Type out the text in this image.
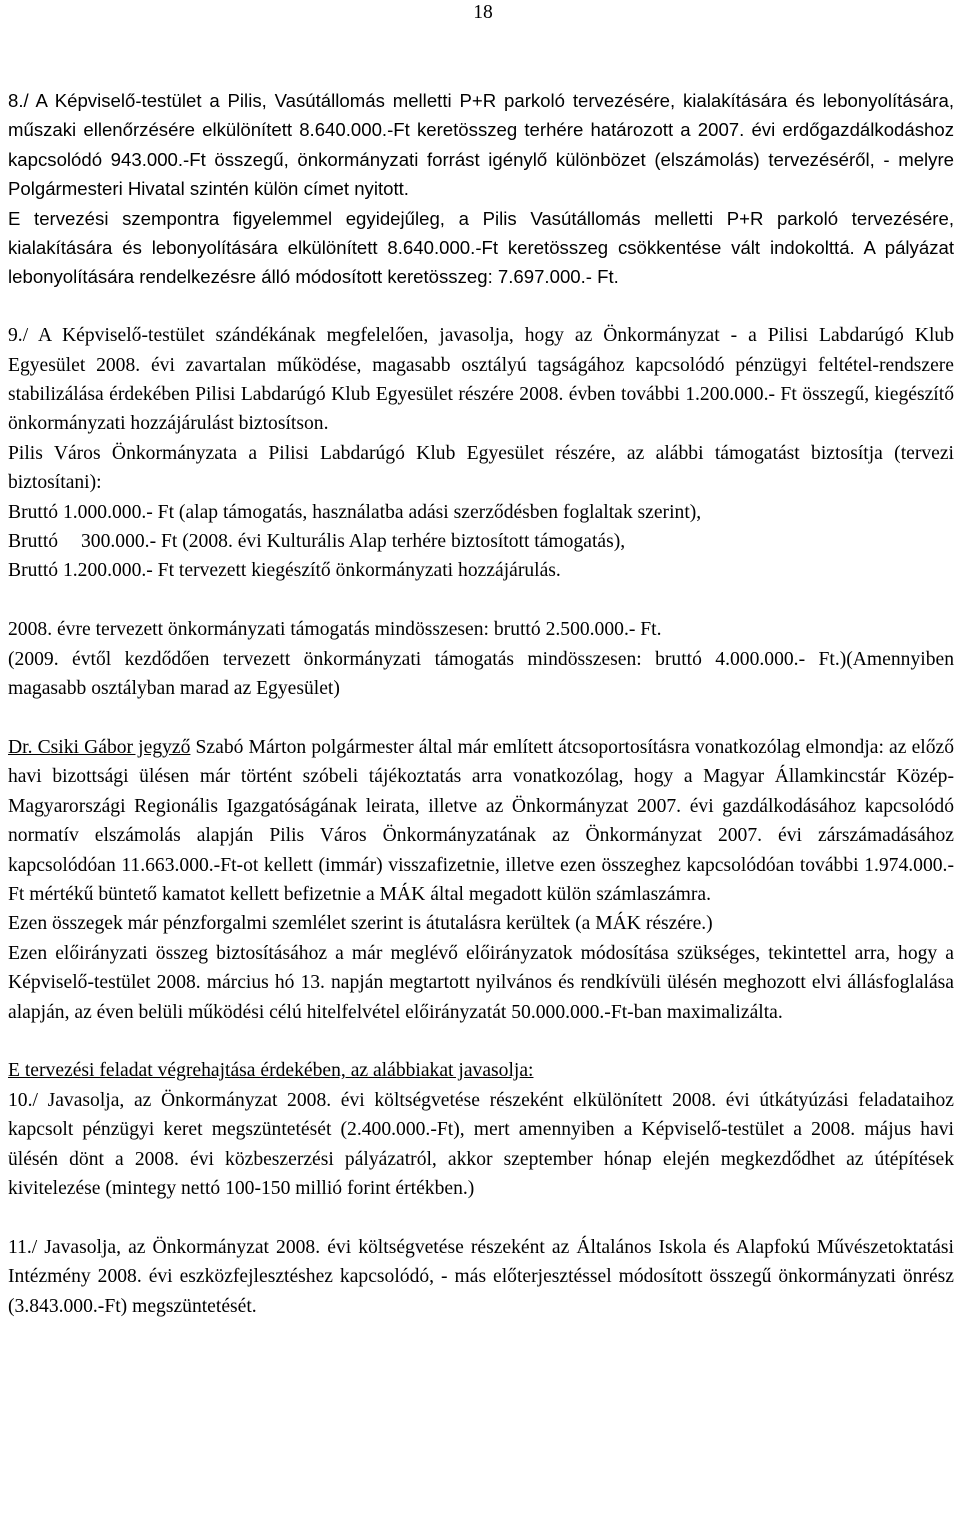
18

8./ A Képviselő-testület a Pilis, Vasútállomás melletti P+R parkoló tervezésére, kialakítására és lebonyolítására, műszaki ellenőrzésére elkülönített 8.640.000.-Ft keretösszeg terhére határozott a 2007. évi erdőgazdálkodáshoz kapcsolódó 943.000.-Ft összegű, önkormányzati forrást igénylő különbözet (elszámolás) tervezéséről, - melyre Polgármesteri Hivatal szintén külön címet nyitott.

E tervezési szempontra figyelemmel egyidejűleg, a Pilis Vasútállomás melletti P+R parkoló tervezésére, kialakítására és lebonyolítására elkülönített 8.640.000.-Ft keretösszeg csökkentése vált indokolttá. A pályázat lebonyolítására rendelkezésre álló módosított keretösszeg: 7.697.000.- Ft.

9./ A Képviselő-testület szándékának megfelelően, javasolja, hogy az Önkormányzat - a Pilisi Labdarúgó Klub Egyesület 2008. évi zavartalan működése, magasabb osztályú tagságához kapcsolódó pénzügyi feltétel-rendszere stabilizálása érdekében Pilisi Labdarúgó Klub Egyesület részére 2008. évben további 1.200.000.- Ft összegű, kiegészítő önkormányzati hozzájárulást biztosítson.

Pilis Város Önkormányzata a Pilisi Labdarúgó Klub Egyesület részére, az alábbi támogatást biztosítja (tervezi biztosítani):

Bruttó 1.000.000.- Ft (alap támogatás, használatba adási szerződésben foglaltak szerint),

Bruttó 300.000.- Ft (2008. évi Kulturális Alap terhére biztosított támogatás),

Bruttó 1.200.000.- Ft tervezett kiegészítő önkormányzati hozzájárulás.

2008. évre tervezett önkormányzati támogatás mindösszesen: bruttó 2.500.000.- Ft.

(2009. évtől kezdődően tervezett önkormányzati támogatás mindösszesen: bruttó 4.000.000.- Ft.)(Amennyiben magasabb osztályban marad az Egyesület)

Dr. Csiki Gábor jegyző Szabó Márton polgármester által már említett átcsoportosításra vonatkozólag elmondja: az előző havi bizottsági ülésen már történt szóbeli tájékoztatás arra vonatkozólag, hogy a Magyar Államkincstár Közép-Magyarországi Regionális Igazgatóságának leirata, illetve az Önkormányzat 2007. évi gazdálkodásához kapcsolódó normatív elszámolás alapján Pilis Város Önkormányzatának az Önkormányzat 2007. évi zárszámadásához kapcsolódóan 11.663.000.-Ft-ot kellett (immár) visszafizetnie, illetve ezen összeghez kapcsolódóan további 1.974.000.-Ft mértékű büntető kamatot kellett befizetnie a MÁK által megadott külön számlaszámra.

Ezen összegek már pénzforgalmi szemlélet szerint is átutalásra kerültek (a MÁK részére.)

Ezen előirányzati összeg biztosításához a már meglévő előirányzatok módosítása szükséges, tekintettel arra, hogy a Képviselő-testület 2008. március hó 13. napján megtartott nyilvános és rendkívüli ülésén meghozott elvi állásfoglalása alapján, az éven belüli működési célú hitelfelvétel előirányzatát 50.000.000.-Ft-ban maximalizálta.

E tervezési feladat végrehajtása érdekében, az alábbiakat javasolja:

10./ Javasolja, az Önkormányzat 2008. évi költségvetése részeként elkülönített 2008. évi útkátyúzási feladataihoz kapcsolt pénzügyi keret megszüntetését (2.400.000.-Ft), mert amennyiben a Képviselő-testület a 2008. május havi ülésén dönt a 2008. évi közbeszerzési pályázatról, akkor szeptember hónap elején megkezdődhet az útépítések kivitelezése (mintegy nettó 100-150 millió forint értékben.)

11./ Javasolja, az Önkormányzat 2008. évi költségvetése részeként az Általános Iskola és Alapfokú Művészetoktatási Intézmény 2008. évi eszközfejlesztéshez kapcsolódó, - más előterjesztéssel módosított összegű önkormányzati önrész (3.843.000.-Ft) megszüntetését.
